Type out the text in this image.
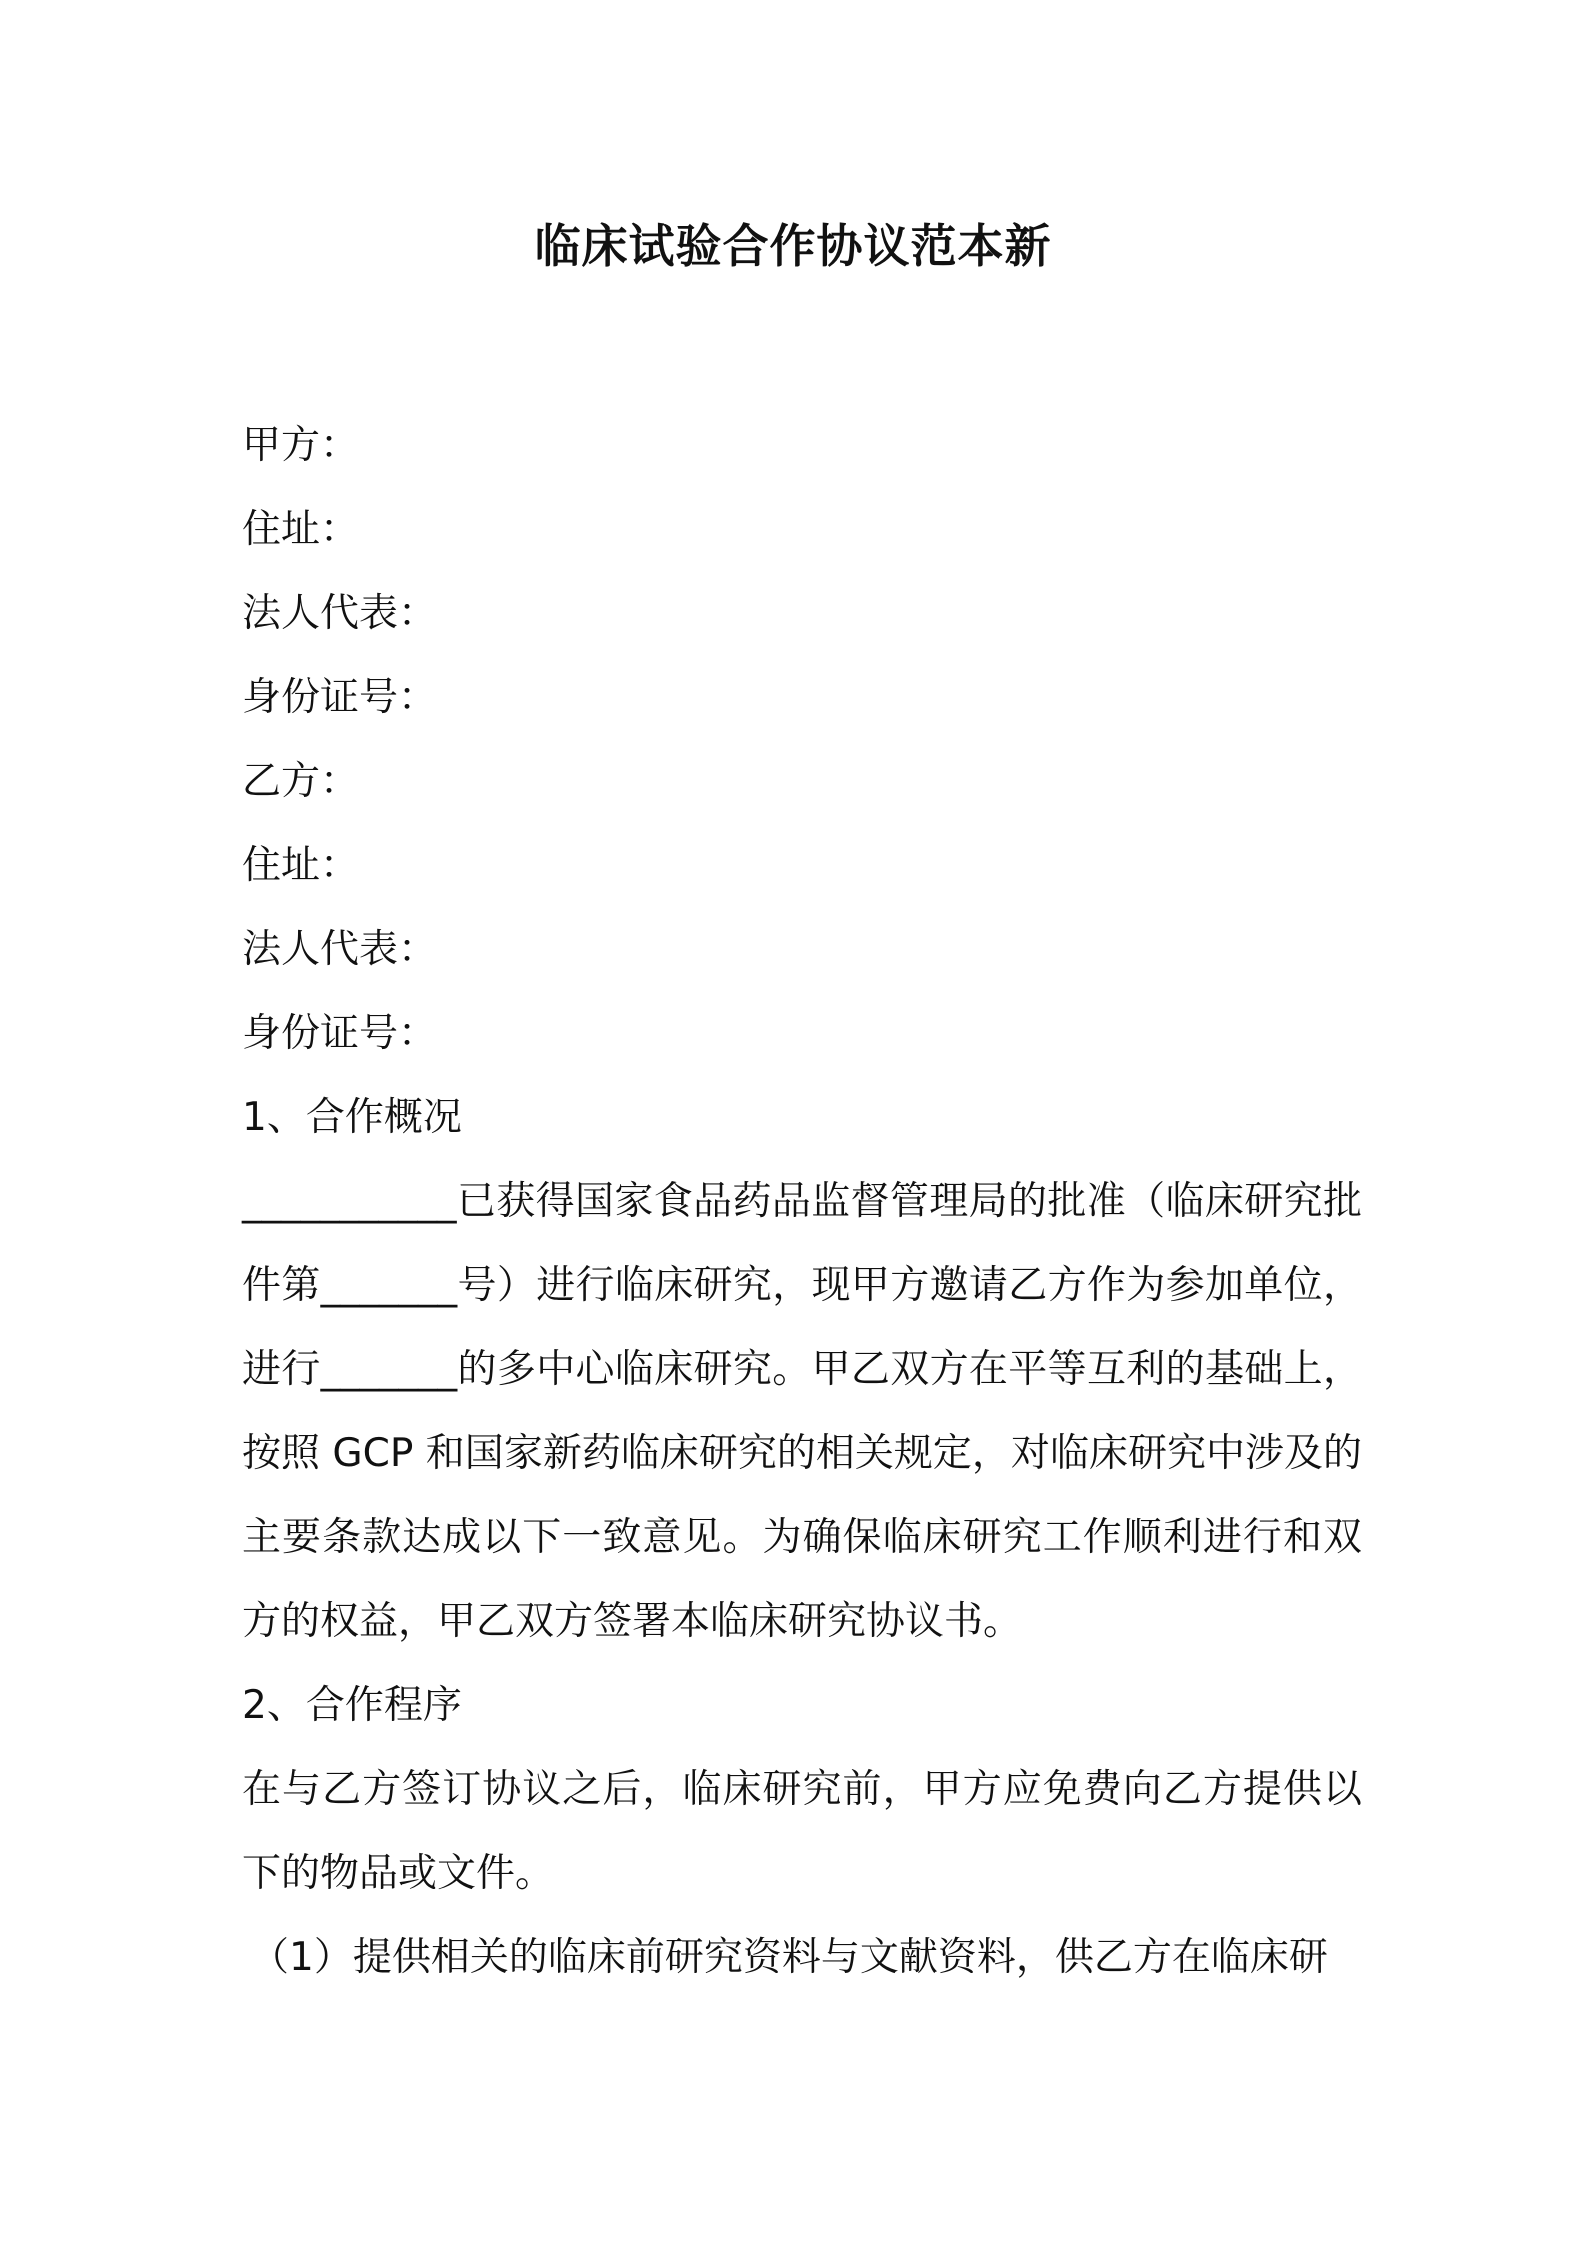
临床试验合作协议范本新
甲方：
住址：
法人代表：
身份证号：
乙方：
住址：
法人代表：
身份证号：
1、合作概况

___________已获得国家食品药品监督管理局的批准（临床研究批件第_______号）进行临床研究，现甲方邀请乙方作为参加单位，进行_______的多中心临床研究。甲乙双方在平等互利的基础上，按照 GCP 和国家新药临床研究的相关规定，对临床研究中涉及的主要条款达成以下一致意见。为确保临床研究工作顺利进行和双方的权益，甲乙双方签署本临床研究协议书。

2、合作程序

在与乙方签订协议之后，临床研究前，甲方应免费向乙方提供以下的物品或文件。

（1）提供相关的临床前研究资料与文献资料，供乙方在临床研
